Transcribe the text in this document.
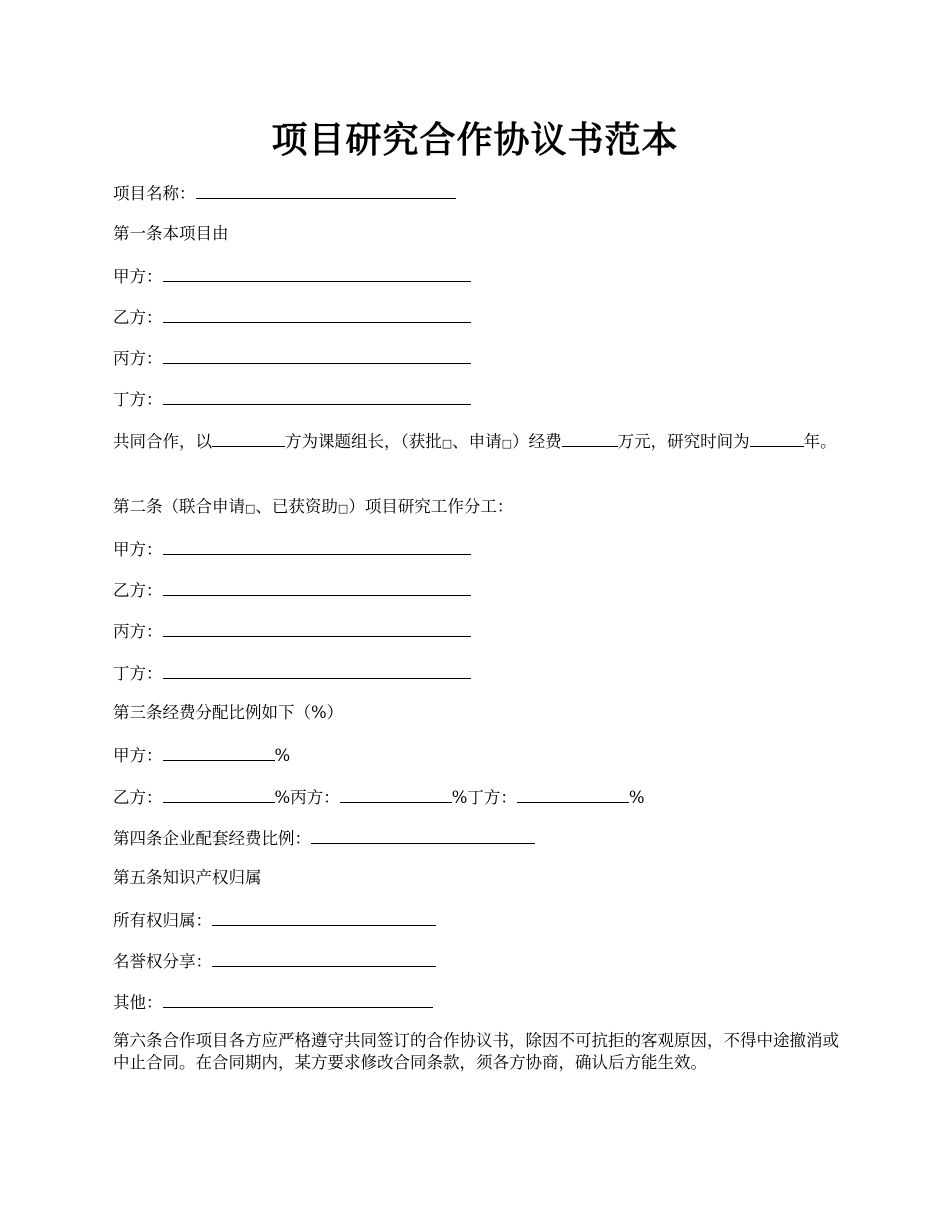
项目研究合作协议书范本
项目名称：
第一条本项目由
甲方：
乙方：
丙方：
丁方：
共同合作，以	方为课题组长，（获批□、申请□）经费	万元，研究时间为	年。
第二条（联合申请□、已获资助□）项目研究工作分工：
甲方：
乙方：
丙方：
丁方：
第三条经费分配比例如下（%）
甲方：	%
乙方：	%丙方：	%丁方：	%
第四条企业配套经费比例：
第五条知识产权归属
所有权归属：
名誉权分享：
其他：
第六条合作项目各方应严格遵守共同签订的合作协议书，除因不可抗拒的客观原因，不得中途撤消或中止合同。在合同期内，某方要求修改合同条款，须各方协商，确认后方能生效。
